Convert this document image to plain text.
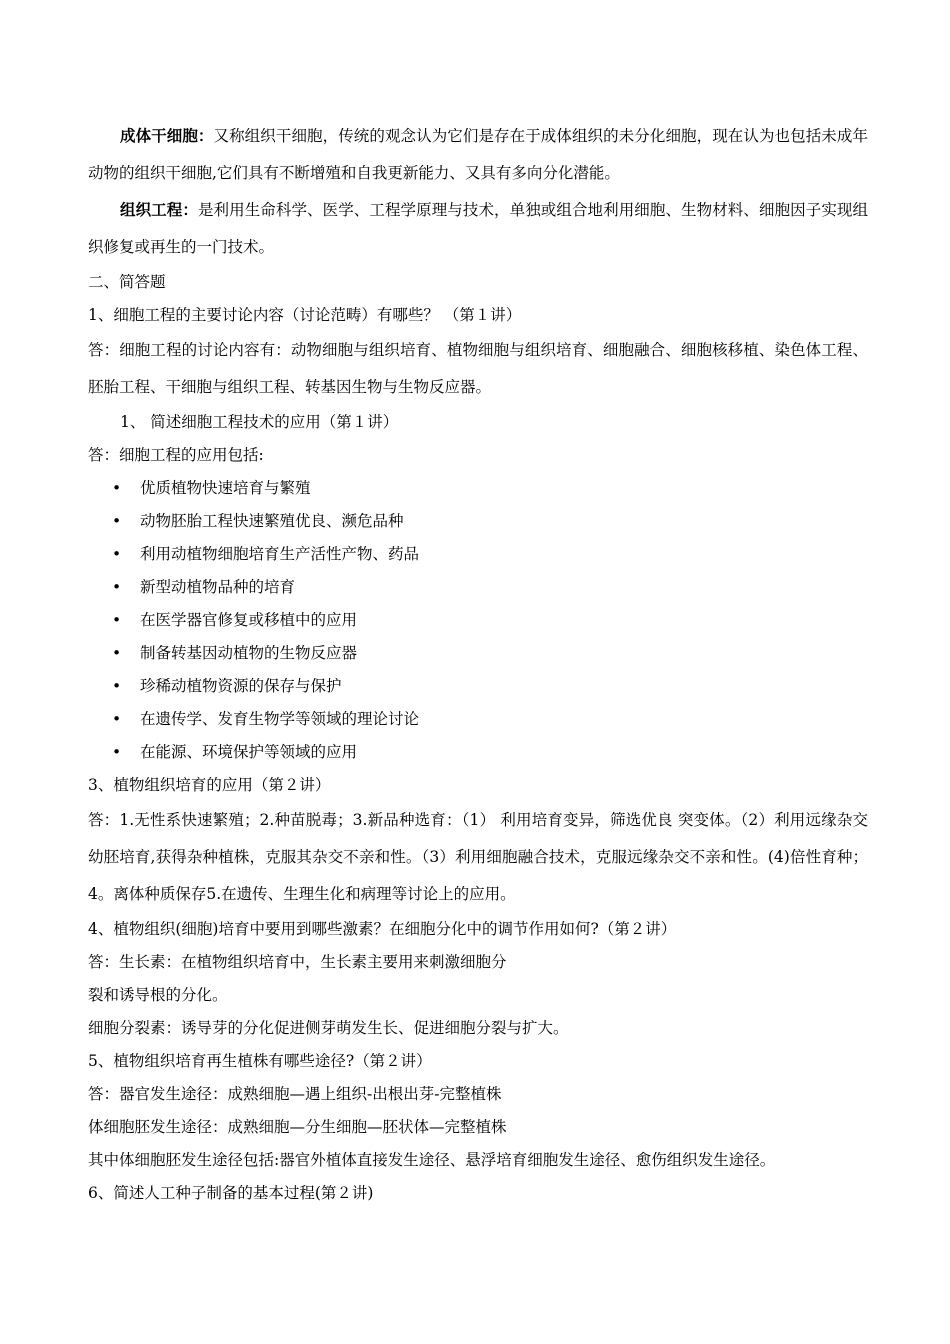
成体干细胞：又称组织干细胞，传统的观念认为它们是存在于成体组织的未分化细胞，现在认为也包括未成年动物的组织干细胞,它们具有不断增殖和自我更新能力、又具有多向分化潜能。

组织工程：是利用生命科学、医学、工程学原理与技术，单独或组合地利用细胞、生物材料、细胞因子实现组织修复或再生的一门技术。

二、简答题

1、细胞工程的主要讨论内容（讨论范畴）有哪些？ （第１讲）

答：细胞工程的讨论内容有：动物细胞与组织培育、植物细胞与组织培育、细胞融合、细胞核移植、染色体工程、胚胎工程、干细胞与组织工程、转基因生物与生物反应器。

1、 简述细胞工程技术的应用（第１讲）

答：细胞工程的应用包括:

• 优质植物快速培育与繁殖
• 动物胚胎工程快速繁殖优良、濒危品种
• 利用动植物细胞培育生产活性产物、药品
• 新型动植物品种的培育
• 在医学器官修复或移植中的应用
• 制备转基因动植物的生物反应器
• 珍稀动植物资源的保存与保护
• 在遗传学、发育生物学等领域的理论讨论
• 在能源、环境保护等领域的应用

3、植物组织培育的应用（第２讲）

答：1.无性系快速繁殖；2.种苗脱毒；3.新品种选育：（1） 利用培育变异，筛选优良 突变体。（2）利用远缘杂交幼胚培育,获得杂种植株，克服其杂交不亲和性。（3）利用细胞融合技术，克服远缘杂交不亲和性。(4)倍性育种；4。离体种质保存5.在遗传、生理生化和病理等讨论上的应用。

4、植物组织(细胞)培育中要用到哪些激素？在细胞分化中的调节作用如何?（第２讲）

答：生长素：在植物组织培育中，生长素主要用来刺激细胞分

裂和诱导根的分化。

细胞分裂素：诱导芽的分化促进侧芽萌发生长、促进细胞分裂与扩大。

5、植物组织培育再生植株有哪些途径?（第２讲）

答：器官发生途径：成熟细胞—遇上组织-出根出芽-完整植株

体细胞胚发生途径：成熟细胞—分生细胞—胚状体—完整植株

其中体细胞胚发生途径包括:器官外植体直接发生途径、悬浮培育细胞发生途径、愈伤组织发生途径。

6、简述人工种子制备的基本过程(第２讲)
